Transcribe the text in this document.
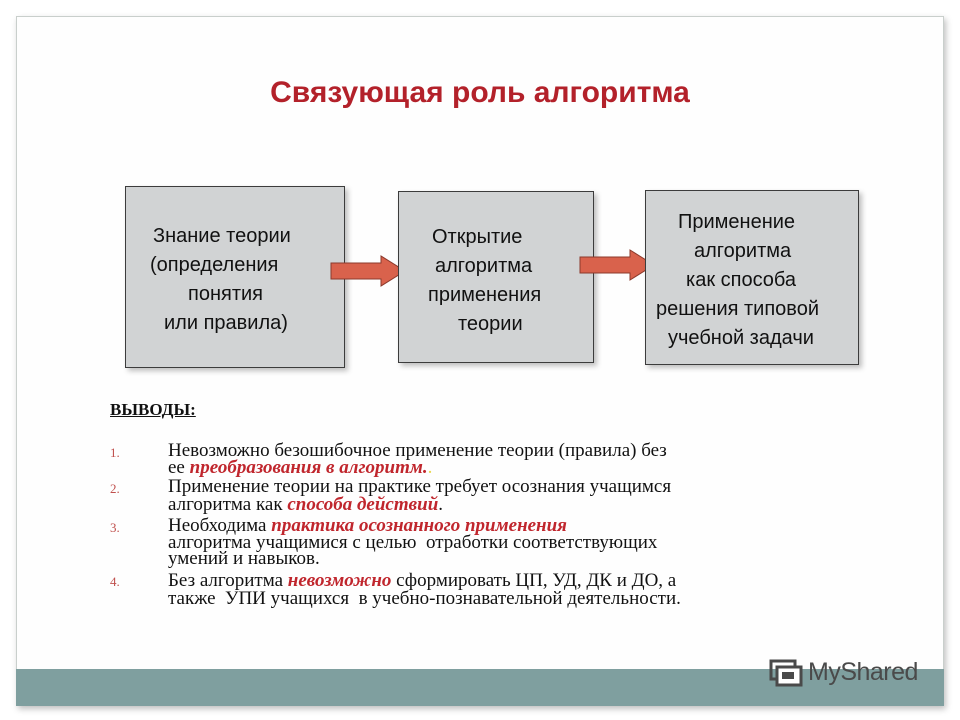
Связующая роль алгоритма

Знание теории

(определения

понятия

или правила)

Открытие

алгоритма

применения

теории

Применение

алгоритма

как способа

решения типовой

учебной задачи

ВЫВОДЫ:
1.	Невозможно безошибочное применение теории (правила) без
ее преобразования в алгоритм..
2.	Применение теории на практике требует осознания учащимся
алгоритма как способа действий.
3.	Необходима практика осознанного применения
алгоритма учащимися с целью  отработки соответствующих
умений и навыков.
4.	Без алгоритма невозможно сформировать ЦП, УД, ДК и ДО, а
также  УПИ учащихся  в учебно-познавательной деятельности.
MyShared
